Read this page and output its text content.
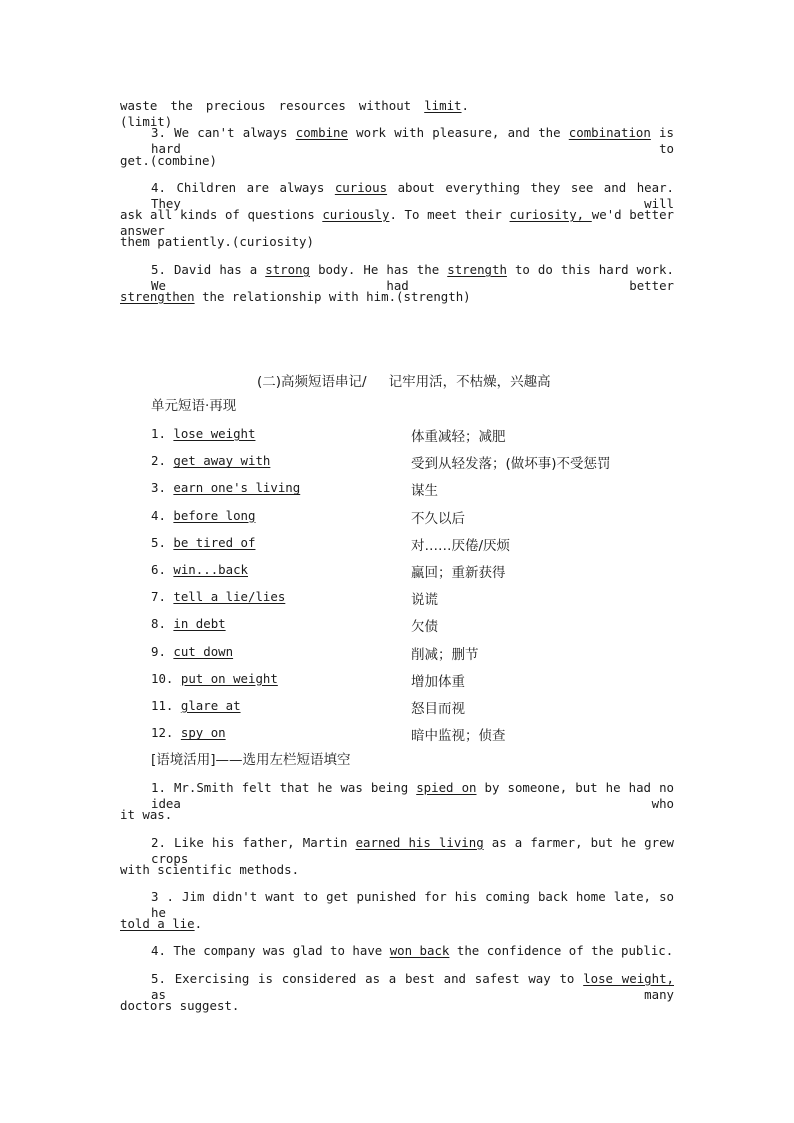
waste the precious resources without limit.(limit)
3. We can't always combine work with pleasure, and the combination is hard to
get.(combine)
4. Children are always curious about everything they see and hear. They will
ask all kinds of questions curiously. To meet their curiosity, we'd better answer
them patiently.(curiosity)
5. David has a strong body. He has the strength to do this hard work. We had better
strengthen the relationship with him.(strength)
(二)高频短语串记/ 记牢用活，不枯燥，兴趣高
单元短语·再现
1. lose weight	体重减轻；减肥
2. get_away_with	受到从轻发落；(做坏事)不受惩罚
3. earn_one's_living	谋生
4. before long	不久以后
5. be tired of	对……厌倦/厌烦
6. win...back	赢回；重新获得
7. tell_a_lie/lies	说谎
8. in debt	欠债
9. cut down	削减；删节
10. put_on_weight	增加体重
11. glare_at	怒目而视
12. spy on	暗中监视；侦查
[语境活用]——选用左栏短语填空
1. Mr.Smith felt that he was being spied on by someone, but he had no idea who
it was.
2. Like his father, Martin earned his living as a farmer, but he grew crops
with scientific methods.
3 . Jim didn't want to get punished for his coming back home late, so he
told_a_lie.
4. The company was glad to have won_back the confidence of the public.
5. Exercising is considered as a best and safest way to lose weight, as many
doctors suggest.
